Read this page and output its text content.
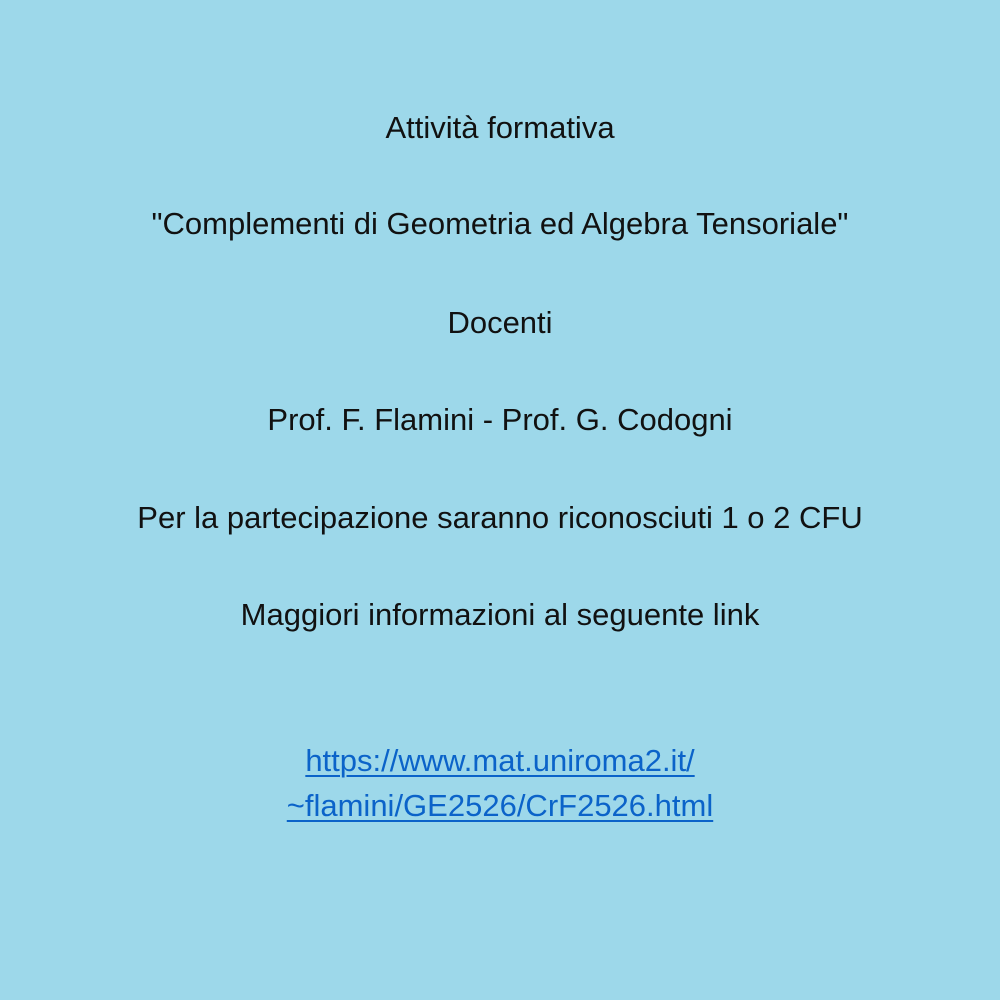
Attività formativa
"Complementi di Geometria ed Algebra Tensoriale"
Docenti
Prof. F. Flamini - Prof. G. Codogni
Per la partecipazione saranno riconosciuti 1 o 2 CFU
Maggiori informazioni al seguente link
https://www.mat.uniroma2.it/
~flamini/GE2526/CrF2526.html
